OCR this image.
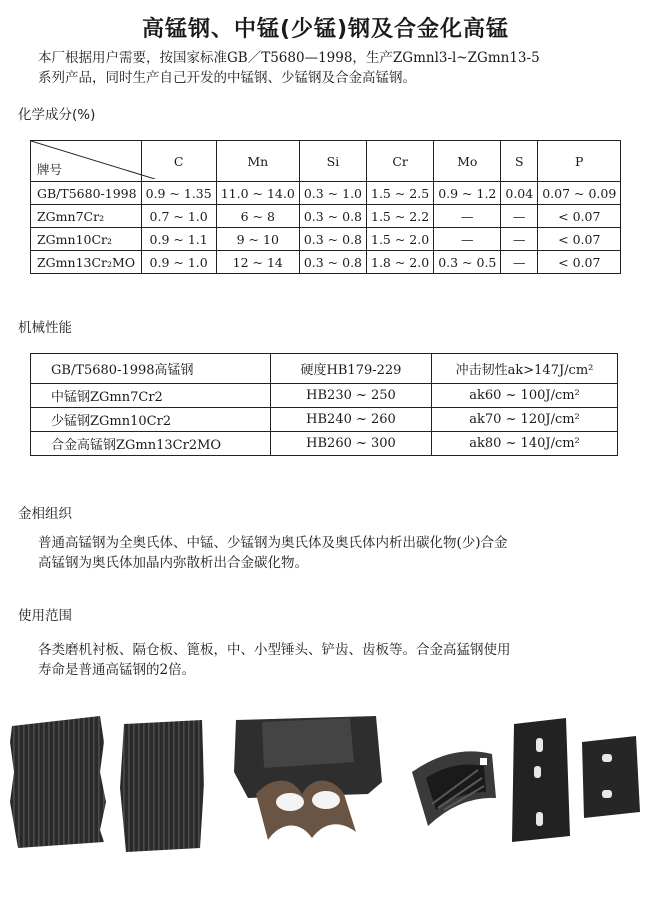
高锰钢、中锰(少锰)钢及合金化高锰
本厂根据用户需要，按国家标准GB／T5680—1998，生产ZGmnl3-l~ZGmn13-5
系列产品，同时生产自己开发的中锰钢、少锰钢及合金高锰钢。
化学成分(%)
牌号	C	Mn	Si	Cr	Mo	S	P
GB/T5680-1998	0.9 ~ 1.35	11.0 ~ 14.0	0.3 ~ 1.0	1.5 ~ 2.5	0.9 ~ 1.2	0.04	0.07 ~ 0.09
ZGmn7Cr₂	0.7 ~ 1.0	6 ~ 8	0.3 ~ 0.8	1.5 ~ 2.2	—	—	< 0.07
ZGmn10Cr₂	0.9 ~ 1.1	9 ~ 10	0.3 ~ 0.8	1.5 ~ 2.0	—	—	< 0.07
ZGmn13Cr₂MO	0.9 ~ 1.0	12 ~ 14	0.3 ~ 0.8	1.8 ~ 2.0	0.3 ~ 0.5	—	< 0.07
机械性能
GB/T5680-1998高锰钢	硬度HB179-229	冲击韧性ak>147J/cm²
中锰钢ZGmn7Cr2	HB230 ~ 250	ak60 ~ 100J/cm²
少锰钢ZGmn10Cr2	HB240 ~ 260	ak70 ~ 120J/cm²
合金高锰钢ZGmn13Cr2MO	HB260 ~ 300	ak80 ~ 140J/cm²
金相组织
普通高锰钢为全奥氏体、中锰、少锰钢为奥氏体及奥氏体内析出碳化物(少)合金
高锰钢为奥氏体加晶内弥散析出合金碳化物。
使用范围
各类磨机衬板、隔仓板、篦板，中、小型锤头、铲齿、齿板等。合金高猛钢使用
寿命是普通高锰钢的2倍。
